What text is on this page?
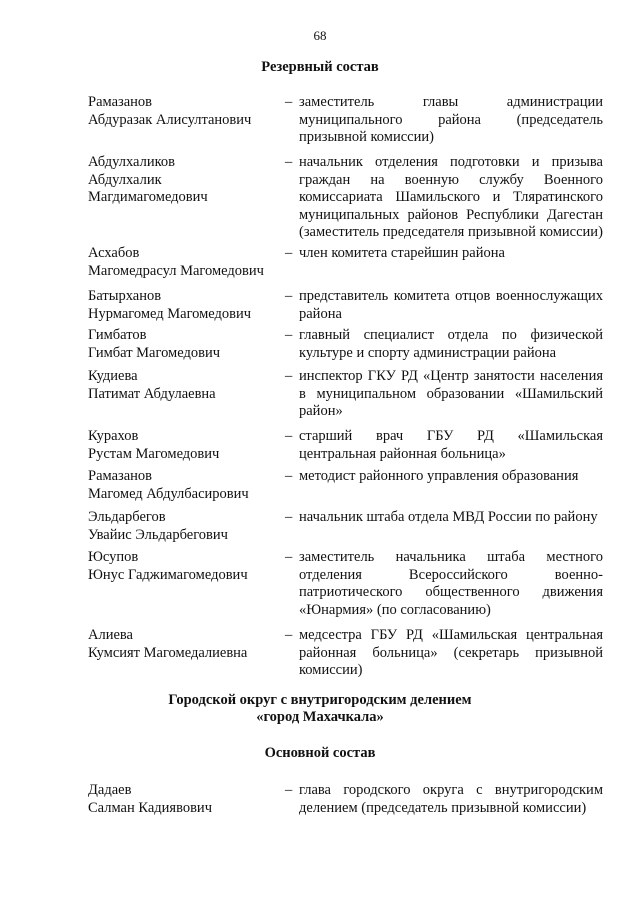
68
Резервный состав
Рамазанов
Абдуразак Алисултанович
– заместитель главы администрации муниципального района (председатель призывной комиссии)
Абдулхаликов
Абдулхалик
Магдимагомедович
– начальник отделения подготовки и призыва граждан на военную службу Военного комиссариата Шамильского и Тляратинского муниципальных районов Республики Дагестан (заместитель председателя призывной комиссии)
Асхабов
Магомедрасул Магомедович
– член комитета старейшин района
Батырханов
Нурмагомед Магомедович
– представитель комитета отцов военнослужащих района
Гимбатов
Гимбат Магомедович
– главный специалист отдела по физической культуре и спорту администрации района
Кудиева
Патимат Абдулаевна
– инспектор ГКУ РД «Центр занятости населения в муниципальном образовании «Шамильский район»
Курахов
Рустам Магомедович
– старший врач ГБУ РД «Шамильская центральная районная больница»
Рамазанов
Магомед Абдулбасирович
– методист районного управления образования
Эльдарбегов
Увайис Эльдарбегович
– начальник штаба отдела МВД России по району
Юсупов
Юнус Гаджимагомедович
– заместитель начальника штаба местного отделения Всероссийского военно-патриотического общественного движения «Юнармия» (по согласованию)
Алиева
Кумсият Магомедалиевна
– медсестра ГБУ РД «Шамильская центральная районная больница» (секретарь призывной комиссии)
Городской округ с внутригородским делением
«город Махачкала»
Основной состав
Дадаев
Салман Кадиявович
– глава городского округа с внутригородским делением (председатель призывной комиссии)
